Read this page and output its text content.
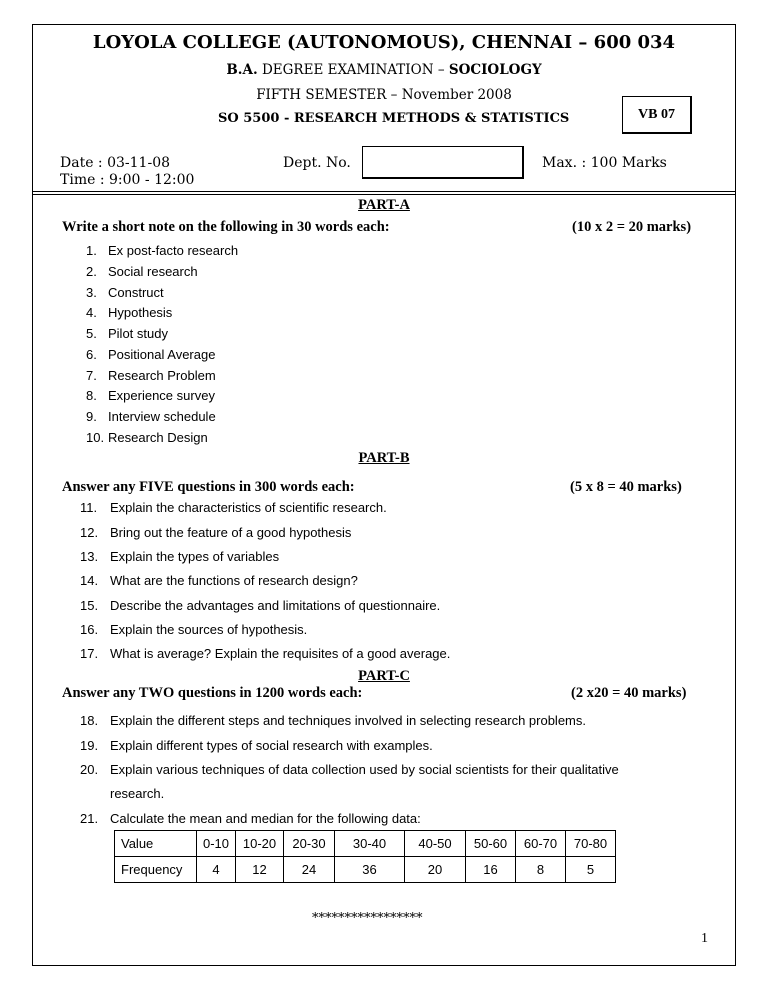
LOYOLA COLLEGE (AUTONOMOUS), CHENNAI – 600 034
B.A. DEGREE EXAMINATION – SOCIOLOGY
FIFTH SEMESTER – November 2008
SO 5500 - RESEARCH METHODS & STATISTICS	VB 07
Date : 03-11-08
Time : 9:00 - 12:00
Dept. No.	Max. : 100 Marks
PART-A
Write a short note on the following in 30 words each:	(10 x 2 = 20 marks)
1. Ex post-facto research
2. Social research
3. Construct
4. Hypothesis
5. Pilot study
6. Positional Average
7. Research Problem
8. Experience survey
9. Interview schedule
10. Research Design
PART-B
Answer any FIVE questions in 300 words each:	(5 x 8 = 40 marks)
11. Explain the characteristics of scientific research.
12. Bring out the feature of a good hypothesis
13. Explain the types of variables
14. What are the functions of research design?
15. Describe the advantages and limitations of questionnaire.
16. Explain the sources of hypothesis.
17. What is average? Explain the requisites of a good average.
PART-C
Answer any TWO questions in 1200 words each:	(2 x20 = 40 marks)
18. Explain the different steps and techniques involved in selecting research problems.
19. Explain different types of social research with examples.
20. Explain various techniques of data collection used by social scientists for their qualitative
research.
21. Calculate the mean and median for the following data:
Value	0-10	10-20	20-30	30-40	40-50	50-60	60-70	70-80
Frequency	4	12	24	36	20	16	8	5
*****************
1
